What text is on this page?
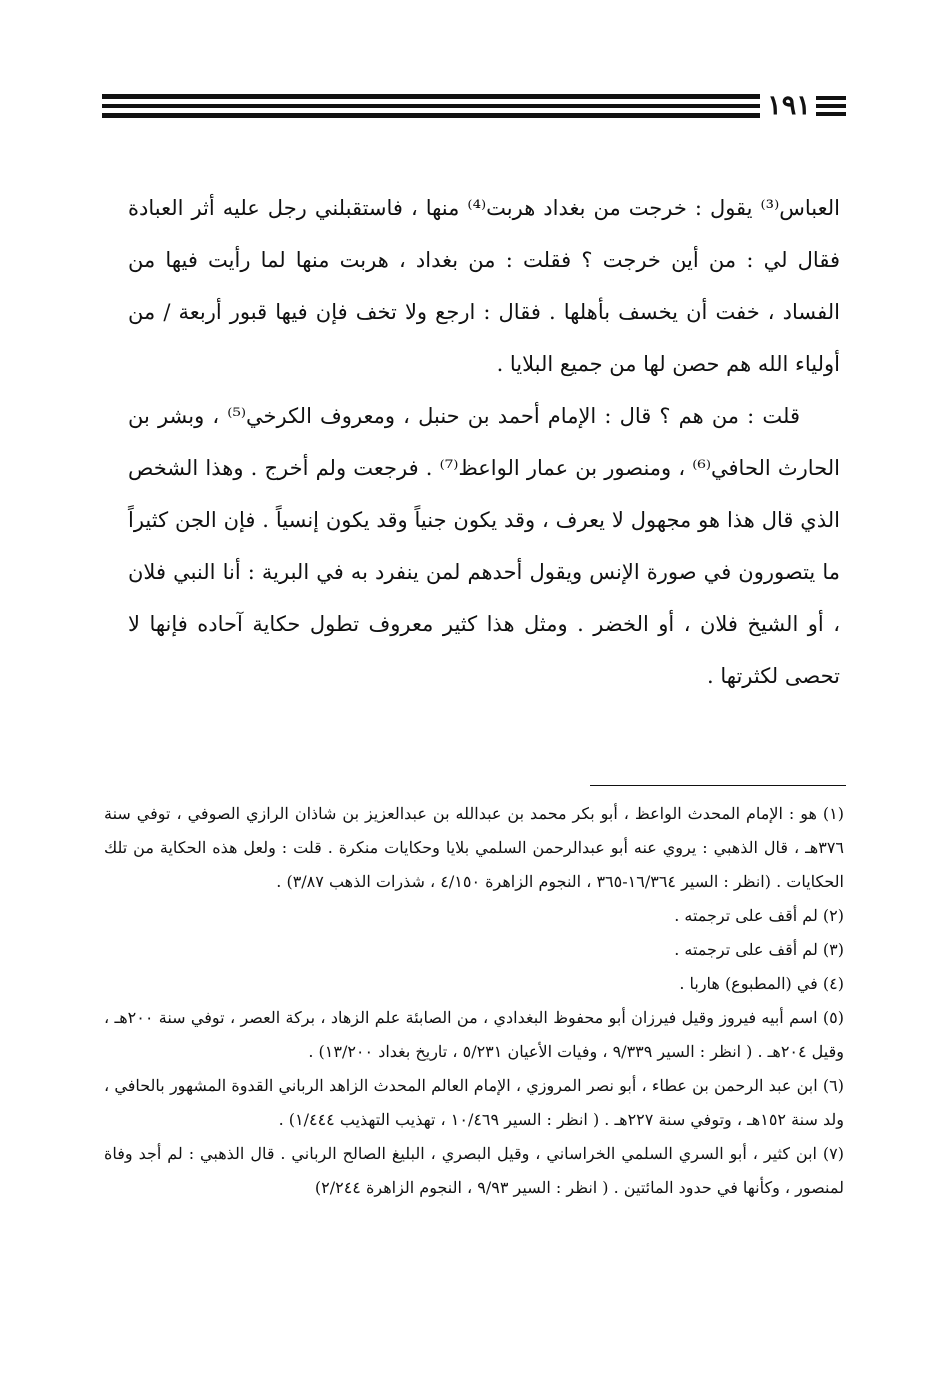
١٩١

العباس⁽³⁾ يقول : خرجت من بغداد هربت⁽⁴⁾ منها ، فاستقبلني رجل عليه أثر العبادة فقال لي : من أين خرجت ؟ فقلت : من بغداد ، هربت منها لما رأيت فيها من الفساد ، خفت أن يخسف بأهلها . فقال : ارجع ولا تخف فإن فيها قبور أربعة / من أولياء الله هم حصن لها من جميع البلايا .

قلت : من هم ؟ قال : الإمام أحمد بن حنبل ، ومعروف الكرخي⁽⁵⁾ ، وبشر بن الحارث الحافي⁽⁶⁾ ، ومنصور بن عمار الواعظ⁽⁷⁾ . فرجعت ولم أخرج . وهذا الشخص الذي قال هذا هو مجهول لا يعرف ، وقد يكون جنياً وقد يكون إنسياً . فإن الجن كثيراً ما يتصورون في صورة الإنس ويقول أحدهم لمن ينفرد به في البرية : أنا النبي فلان ، أو الشيخ فلان ، أو الخضر . ومثل هذا كثير معروف تطول حكاية آحاده فإنها لا تحصى لكثرتها .

(١) هو : الإمام المحدث الواعظ ، أبو بكر محمد بن عبدالله بن عبدالعزيز بن شاذان الرازي الصوفي ، توفي سنة ٣٧٦هـ ، قال الذهبي : يروي عنه أبو عبدالرحمن السلمي بلايا وحكايات منكرة . قلت : ولعل هذه الحكاية من تلك الحكايات . (انظر : السير ١٦/٣٦٤-٣٦٥ ، النجوم الزاهرة ٤/١٥٠ ، شذرات الذهب ٣/٨٧) .

(٢) لم أقف على ترجمته .

(٣) لم أقف على ترجمته .

(٤) في (المطبوع) هاربا .

(٥) اسم أبيه فيروز وقيل فيرزان أبو محفوظ البغدادي ، من الصابئة علم الزهاد ، بركة العصر ، توفي سنة ٢٠٠هـ ، وقيل ٢٠٤هـ . ( انظر : السير ٩/٣٣٩ ، وفيات الأعيان ٥/٢٣١ ، تاريخ بغداد ١٣/٢٠٠) .

(٦) ابن عبد الرحمن بن عطاء ، أبو نصر المروزي ، الإمام العالم المحدث الزاهد الرباني القدوة المشهور بالحافي ، ولد سنة ١٥٢هـ ، وتوفي سنة ٢٢٧هـ . ( انظر : السير ١٠/٤٦٩ ، تهذيب التهذيب ١/٤٤٤) .

(٧) ابن كثير ، أبو السري السلمي الخراساني ، وقيل البصري ، البليغ الصالح الرباني . قال الذهبي : لم أجد وفاة لمنصور ، وكأنها في حدود المائتين . ( انظر : السير ٩/٩٣ ، النجوم الزاهرة ٢/٢٤٤)
